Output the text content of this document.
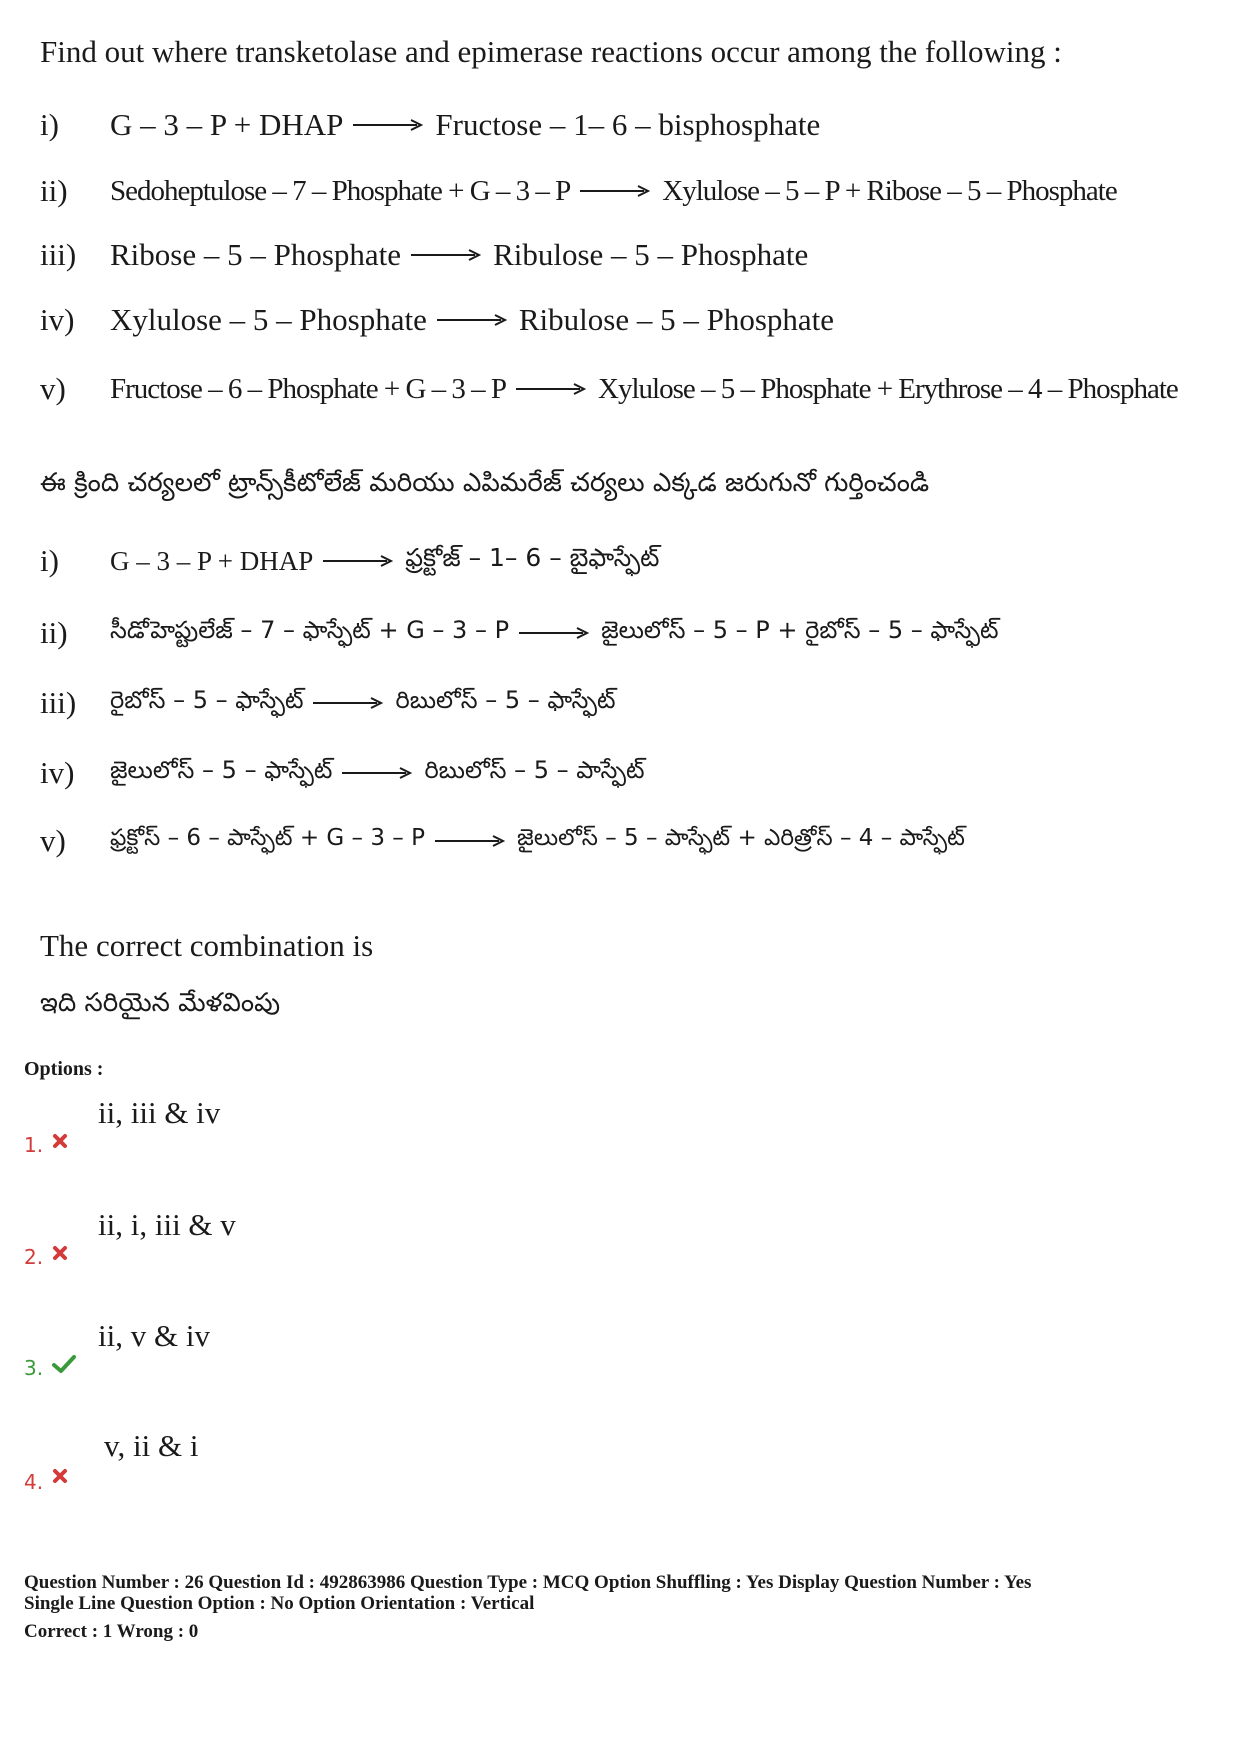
Find out where transketolase and epimerase reactions occur among the following :
i)	G – 3 – P + DHAP	Fructose – 1– 6 – bisphosphate
ii)	Sedoheptulose – 7 – Phosphate + G – 3 – P	Xylulose – 5 – P + Ribose – 5 – Phosphate
iii)	Ribose – 5 – Phosphate	Ribulose – 5 – Phosphate
iv)	Xylulose – 5 – Phosphate	Ribulose – 5 – Phosphate
v)	Fructose – 6 – Phosphate + G – 3 – P	Xylulose – 5 – Phosphate + Erythrose – 4 – Phosphate
ఈ క్రింది చర్యలలో ట్రాన్స్‌కీటోలేజ్ మరియు ఎపిమరేజ్ చర్యలు ఎక్కడ జరుగునో గుర్తించండి
i)	G – 3 – P + DHAP	ఫ్రక్టోజ్ – 1– 6 – బైఫాస్ఫేట్
ii)	సీడోహెప్టులేజ్ – 7 – ఫాస్ఫేట్ + G – 3 – P	జైలులోస్ – 5 – P + రైబోస్ – 5 – ఫాస్ఫేట్
iii)	రైబోస్ – 5 – ఫాస్ఫేట్	రిబులోస్ – 5 – ఫాస్ఫేట్
iv)	జైలులోస్ – 5 – ఫాస్ఫేట్	రిబులోస్ – 5 – పాస్ఫేట్
v)	ఫ్రక్టోస్ – 6 – పాస్ఫేట్ + G – 3 – P	జైలులోస్ – 5 – పాస్ఫేట్ + ఎరిత్రోస్ – 4 – పాస్ఫేట్
The correct combination is
ఇది సరియైన మేళవింపు
Options :
ii, iii & iv
1.
ii, i, iii & v
2.
ii, v & iv
3.
v, ii & i
4.
Question Number : 26 Question Id : 492863986 Question Type : MCQ Option Shuffling : Yes Display Question Number : Yes
Single Line Question Option : No Option Orientation : Vertical
Correct : 1 Wrong : 0
